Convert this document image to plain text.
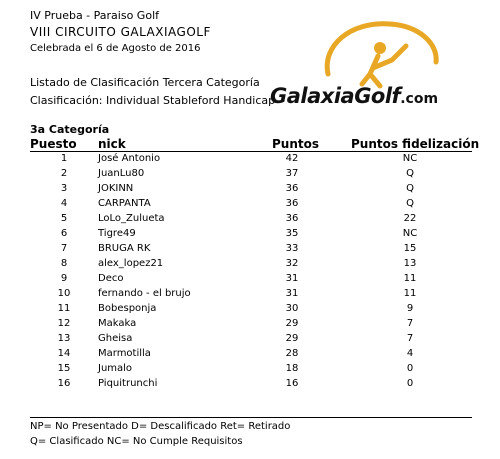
IV Prueba - Paraiso Golf
VIII CIRCUITO GALAXIAGOLF
Celebrada el 6 de Agosto de 2016
Listado de Clasificación Tercera Categoría
Clasificación: Individual Stableford Handicap
GalaxiaGolf.com
3a Categoría
Puesto nick	Puntos	Puntos fidelización
1	José Antonio	42	NC
2	JuanLu80	37	Q
3	JOKINN	36	Q
4	CARPANTA	36	Q
5	LoLo_Zulueta	36	22
6	Tigre49	35	NC
7	BRUGA RK	33	15
8	alex_lopez21	32	13
9	Deco	31	11
10	fernando - el brujo	31	11
11	Bobesponja	30	9
12	Makaka	29	7
13	Gheisa	29	7
14	Marmotilla	28	4
15	Jumalo	18	0
16	Piquitrunchi	16	0
NP= No Presentado D= Descalificado Ret= Retirado
Q= Clasificado NC= No Cumple Requisitos
